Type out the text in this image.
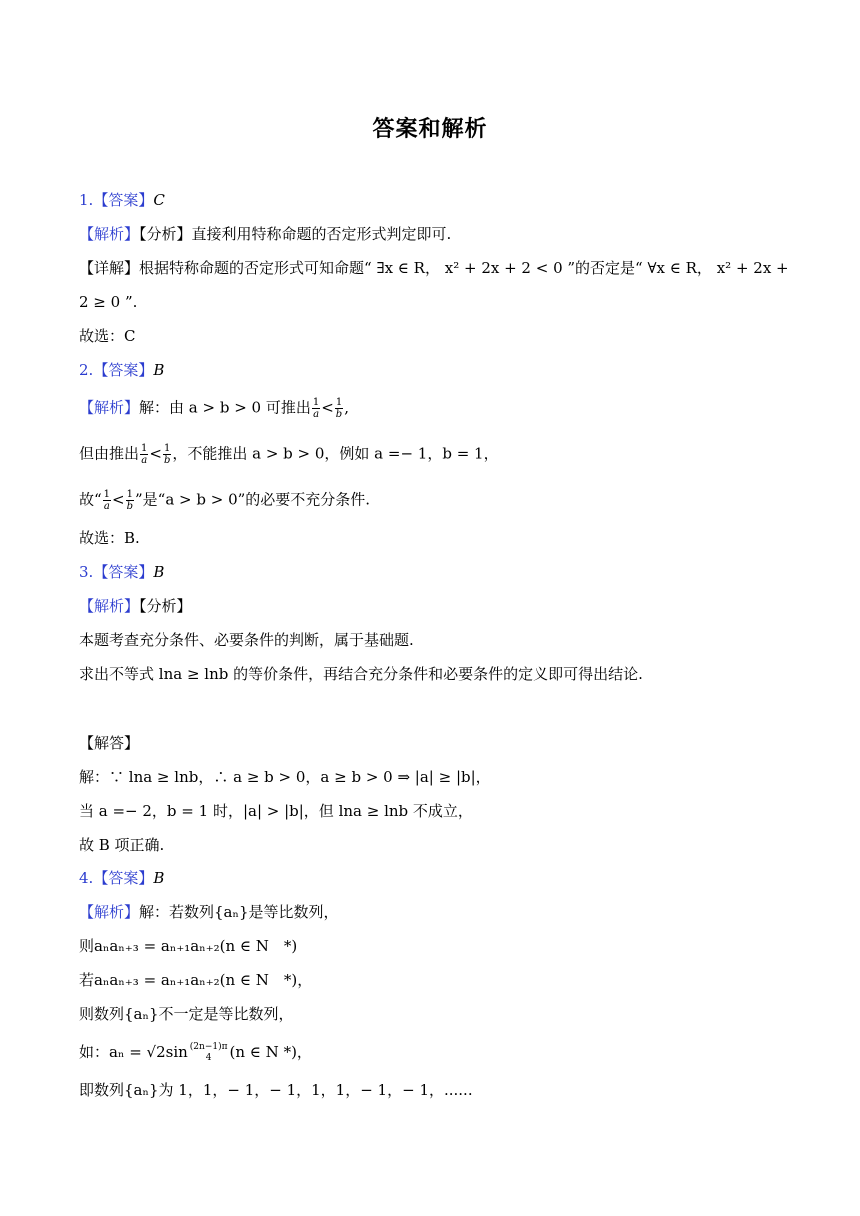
答案和解析
1.【答案】C
【解析】【分析】直接利用特称命题的否定形式判定即可.
【详解】根据特称命题的否定形式可知命题“ ∃x ∈ R， x² + 2x + 2 < 0 ”的否定是“ ∀x ∈ R， x² + 2x +
2 ≥ 0 ”.
故选：C
2.【答案】B
【解析】解：由 a > b > 0 可推出 $\frac{1}{a} < \frac{1}{b}$ ,
但由推出 $\frac{1}{a} < \frac{1}{b}$ ，不能推出 a > b > 0，例如 a =− 1，b = 1，
故“ $\frac{1}{a} < \frac{1}{b}$ ”是“a > b > 0”的必要不充分条件.
故选：B.
3.【答案】B
【解析】【分析】
本题考查充分条件、必要条件的判断，属于基础题.
求出不等式 lna ≥ lnb 的等价条件，再结合充分条件和必要条件的定义即可得出结论.
【解答】
解：∵ lna ≥ lnb，∴ a ≥ b > 0，a ≥ b > 0 ⇒ |a| ≥ |b|，
当 a =− 2，b = 1 时，|a| > |b|，但 lna ≥ lnb 不成立，
故 B 项正确.
4.【答案】B
【解析】解：若数列{aₙ}是等比数列，
则aₙaₙ₊₃ = aₙ₊₁aₙ₊₂(n ∈ N　*)
若aₙaₙ₊₃ = aₙ₊₁aₙ₊₂(n ∈ N　*)，
则数列{aₙ}不一定是等比数列，
如：aₙ = √2sin (2n−1)π
4	(n ∈ N *)，
即数列{aₙ}为 1，1，− 1，− 1，1，1，− 1，− 1，......
